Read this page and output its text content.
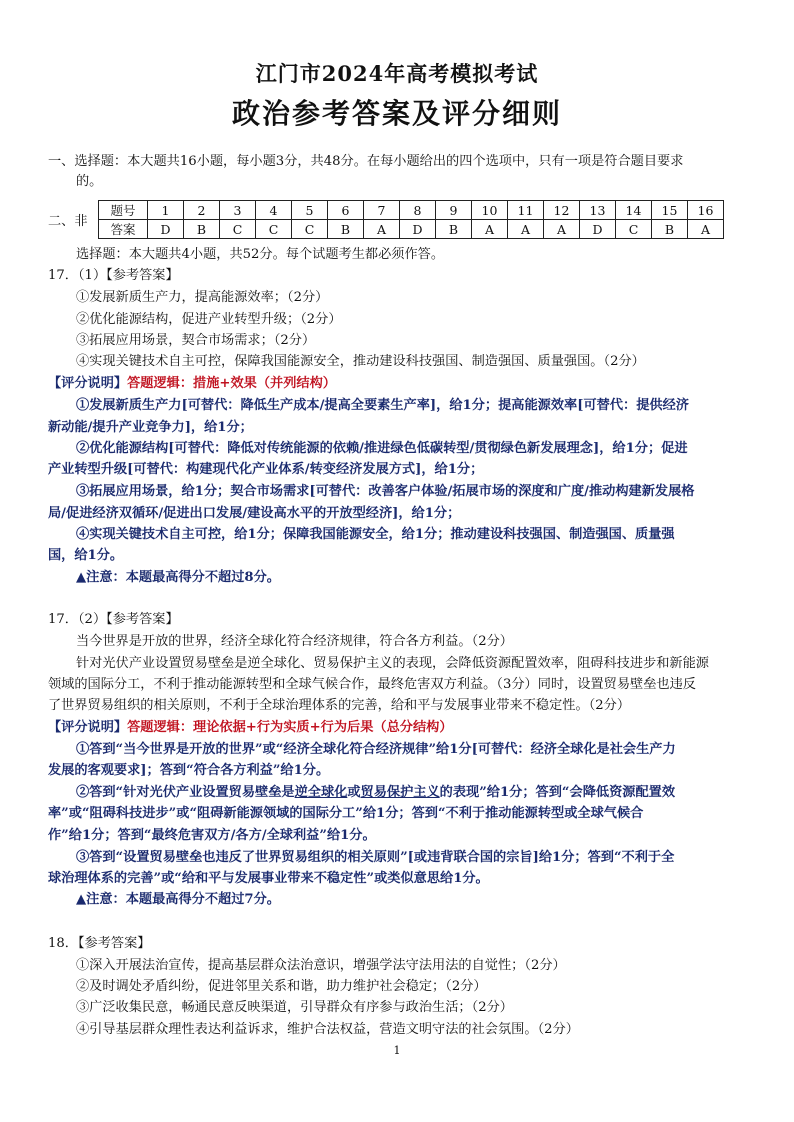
江门市2024年高考模拟考试
政治参考答案及评分细则
一、选择题：本大题共16小题，每小题3分，共48分。在每小题给出的四个选项中，只有一项是符合题目要求
的。
二、非
题号	1	2	3	4	5	6	7	8	9	10	11	12	13	14	15	16
答案	D	B	C	C	C	B	A	D	B	A	A	A	D	C	B	A
选择题：本大题共4小题，共52分。每个试题考生都必须作答。
17．（1）【参考答案】
①发展新质生产力，提高能源效率；（2分）
②优化能源结构，促进产业转型升级；（2分）
③拓展应用场景，契合市场需求；（2分）
④实现关键技术自主可控，保障我国能源安全，推动建设科技强国、制造强国、质量强国。（2分）
【评分说明】答题逻辑：措施+效果（并列结构）
①发展新质生产力[可替代：降低生产成本/提高全要素生产率]，给1分；提高能源效率[可替代：提供经济
新动能/提升产业竞争力]，给1分；
②优化能源结构[可替代：降低对传统能源的依赖/推进绿色低碳转型/贯彻绿色新发展理念]，给1分；促进
产业转型升级[可替代：构建现代化产业体系/转变经济发展方式]，给1分；
③拓展应用场景，给1分；契合市场需求[可替代：改善客户体验/拓展市场的深度和广度/推动构建新发展格
局/促进经济双循环/促进出口发展/建设高水平的开放型经济]，给1分；
④实现关键技术自主可控，给1分；保障我国能源安全，给1分；推动建设科技强国、制造强国、质量强
国，给1分。
▲注意：本题最高得分不超过8分。
17．（2）【参考答案】
当今世界是开放的世界，经济全球化符合经济规律，符合各方利益。（2分）
针对光伏产业设置贸易壁垒是逆全球化、贸易保护主义的表现，会降低资源配置效率，阻碍科技进步和新能源
领域的国际分工，不利于推动能源转型和全球气候合作，最终危害双方利益。（3分）同时，设置贸易壁垒也违反
了世界贸易组织的相关原则，不利于全球治理体系的完善，给和平与发展事业带来不稳定性。（2分）
【评分说明】答题逻辑：理论依据+行为实质+行为后果（总分结构）
①答到“当今世界是开放的世界”或“经济全球化符合经济规律”给1分[可替代：经济全球化是社会生产力
发展的客观要求]；答到“符合各方利益”给1分。
②答到“针对光伏产业设置贸易壁垒是逆全球化或贸易保护主义的表现”给1分；答到“会降低资源配置效
率”或“阻碍科技进步”或“阻碍新能源领域的国际分工”给1分；答到“不利于推动能源转型或全球气候合
作”给1分；答到“最终危害双方/各方/全球利益”给1分。
③答到“设置贸易壁垒也违反了世界贸易组织的相关原则”[或违背联合国的宗旨]给1分；答到“不利于全
球治理体系的完善”或“给和平与发展事业带来不稳定性”或类似意思给1分。
▲注意：本题最高得分不超过7分。
18．【参考答案】
①深入开展法治宣传，提高基层群众法治意识，增强学法守法用法的自觉性；（2分）
②及时调处矛盾纠纷，促进邻里关系和谐，助力维护社会稳定；（2分）
③广泛收集民意，畅通民意反映渠道，引导群众有序参与政治生活；（2分）
④引导基层群众理性表达利益诉求，维护合法权益，营造文明守法的社会氛围。（2分）
1
